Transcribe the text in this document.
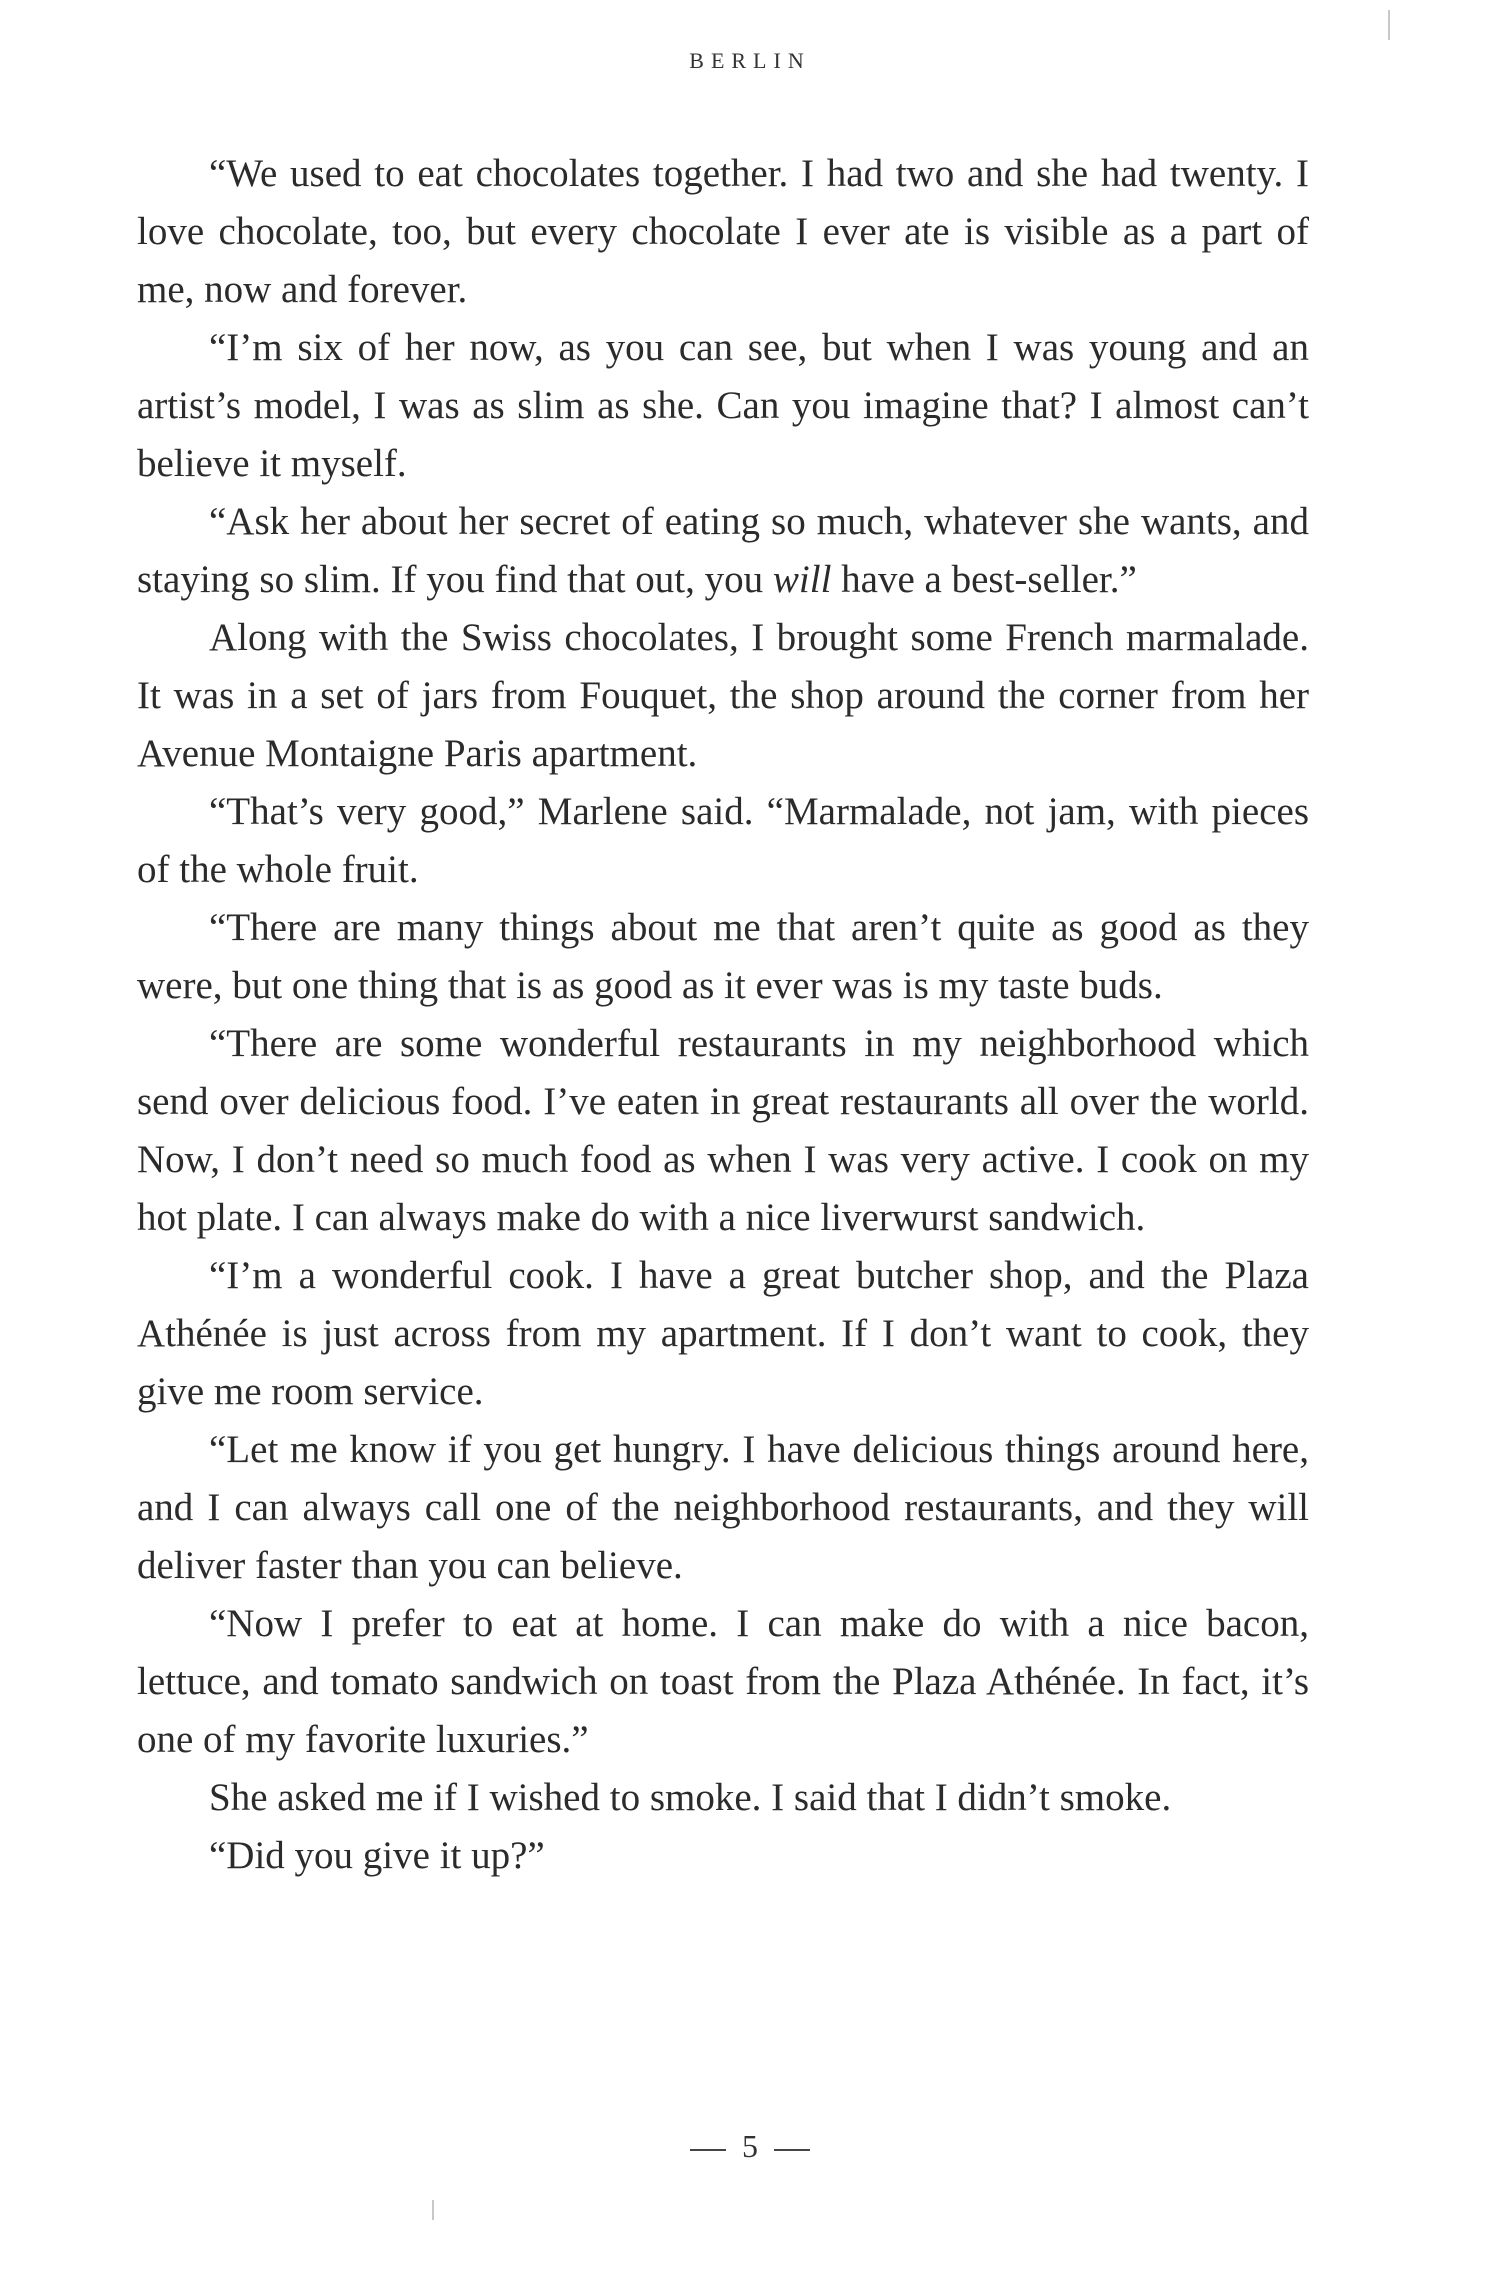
BERLIN

“We used to eat chocolates together. I had two and she had twenty. I love chocolate, too, but every chocolate I ever ate is visible as a part of me, now and forever.

“I’m six of her now, as you can see, but when I was young and an artist’s model, I was as slim as she. Can you imagine that? I almost can’t believe it myself.

“Ask her about her secret of eating so much, whatever she wants, and staying so slim. If you find that out, you will have a best-seller.”

Along with the Swiss chocolates, I brought some French marmalade. It was in a set of jars from Fouquet, the shop around the corner from her Avenue Montaigne Paris apartment.

“That’s very good,” Marlene said. “Marmalade, not jam, with pieces of the whole fruit.

“There are many things about me that aren’t quite as good as they were, but one thing that is as good as it ever was is my taste buds.

“There are some wonderful restaurants in my neighborhood which send over delicious food. I’ve eaten in great restaurants all over the world. Now, I don’t need so much food as when I was very active. I cook on my hot plate. I can always make do with a nice liverwurst sandwich.

“I’m a wonderful cook. I have a great butcher shop, and the Plaza Athénée is just across from my apartment. If I don’t want to cook, they give me room service.

“Let me know if you get hungry. I have delicious things around here, and I can always call one of the neighborhood restaurants, and they will deliver faster than you can believe.

“Now I prefer to eat at home. I can make do with a nice bacon, lettuce, and tomato sandwich on toast from the Plaza Athénée. In fact, it’s one of my favorite luxuries.”

She asked me if I wished to smoke. I said that I didn’t smoke.

“Did you give it up?”

5
